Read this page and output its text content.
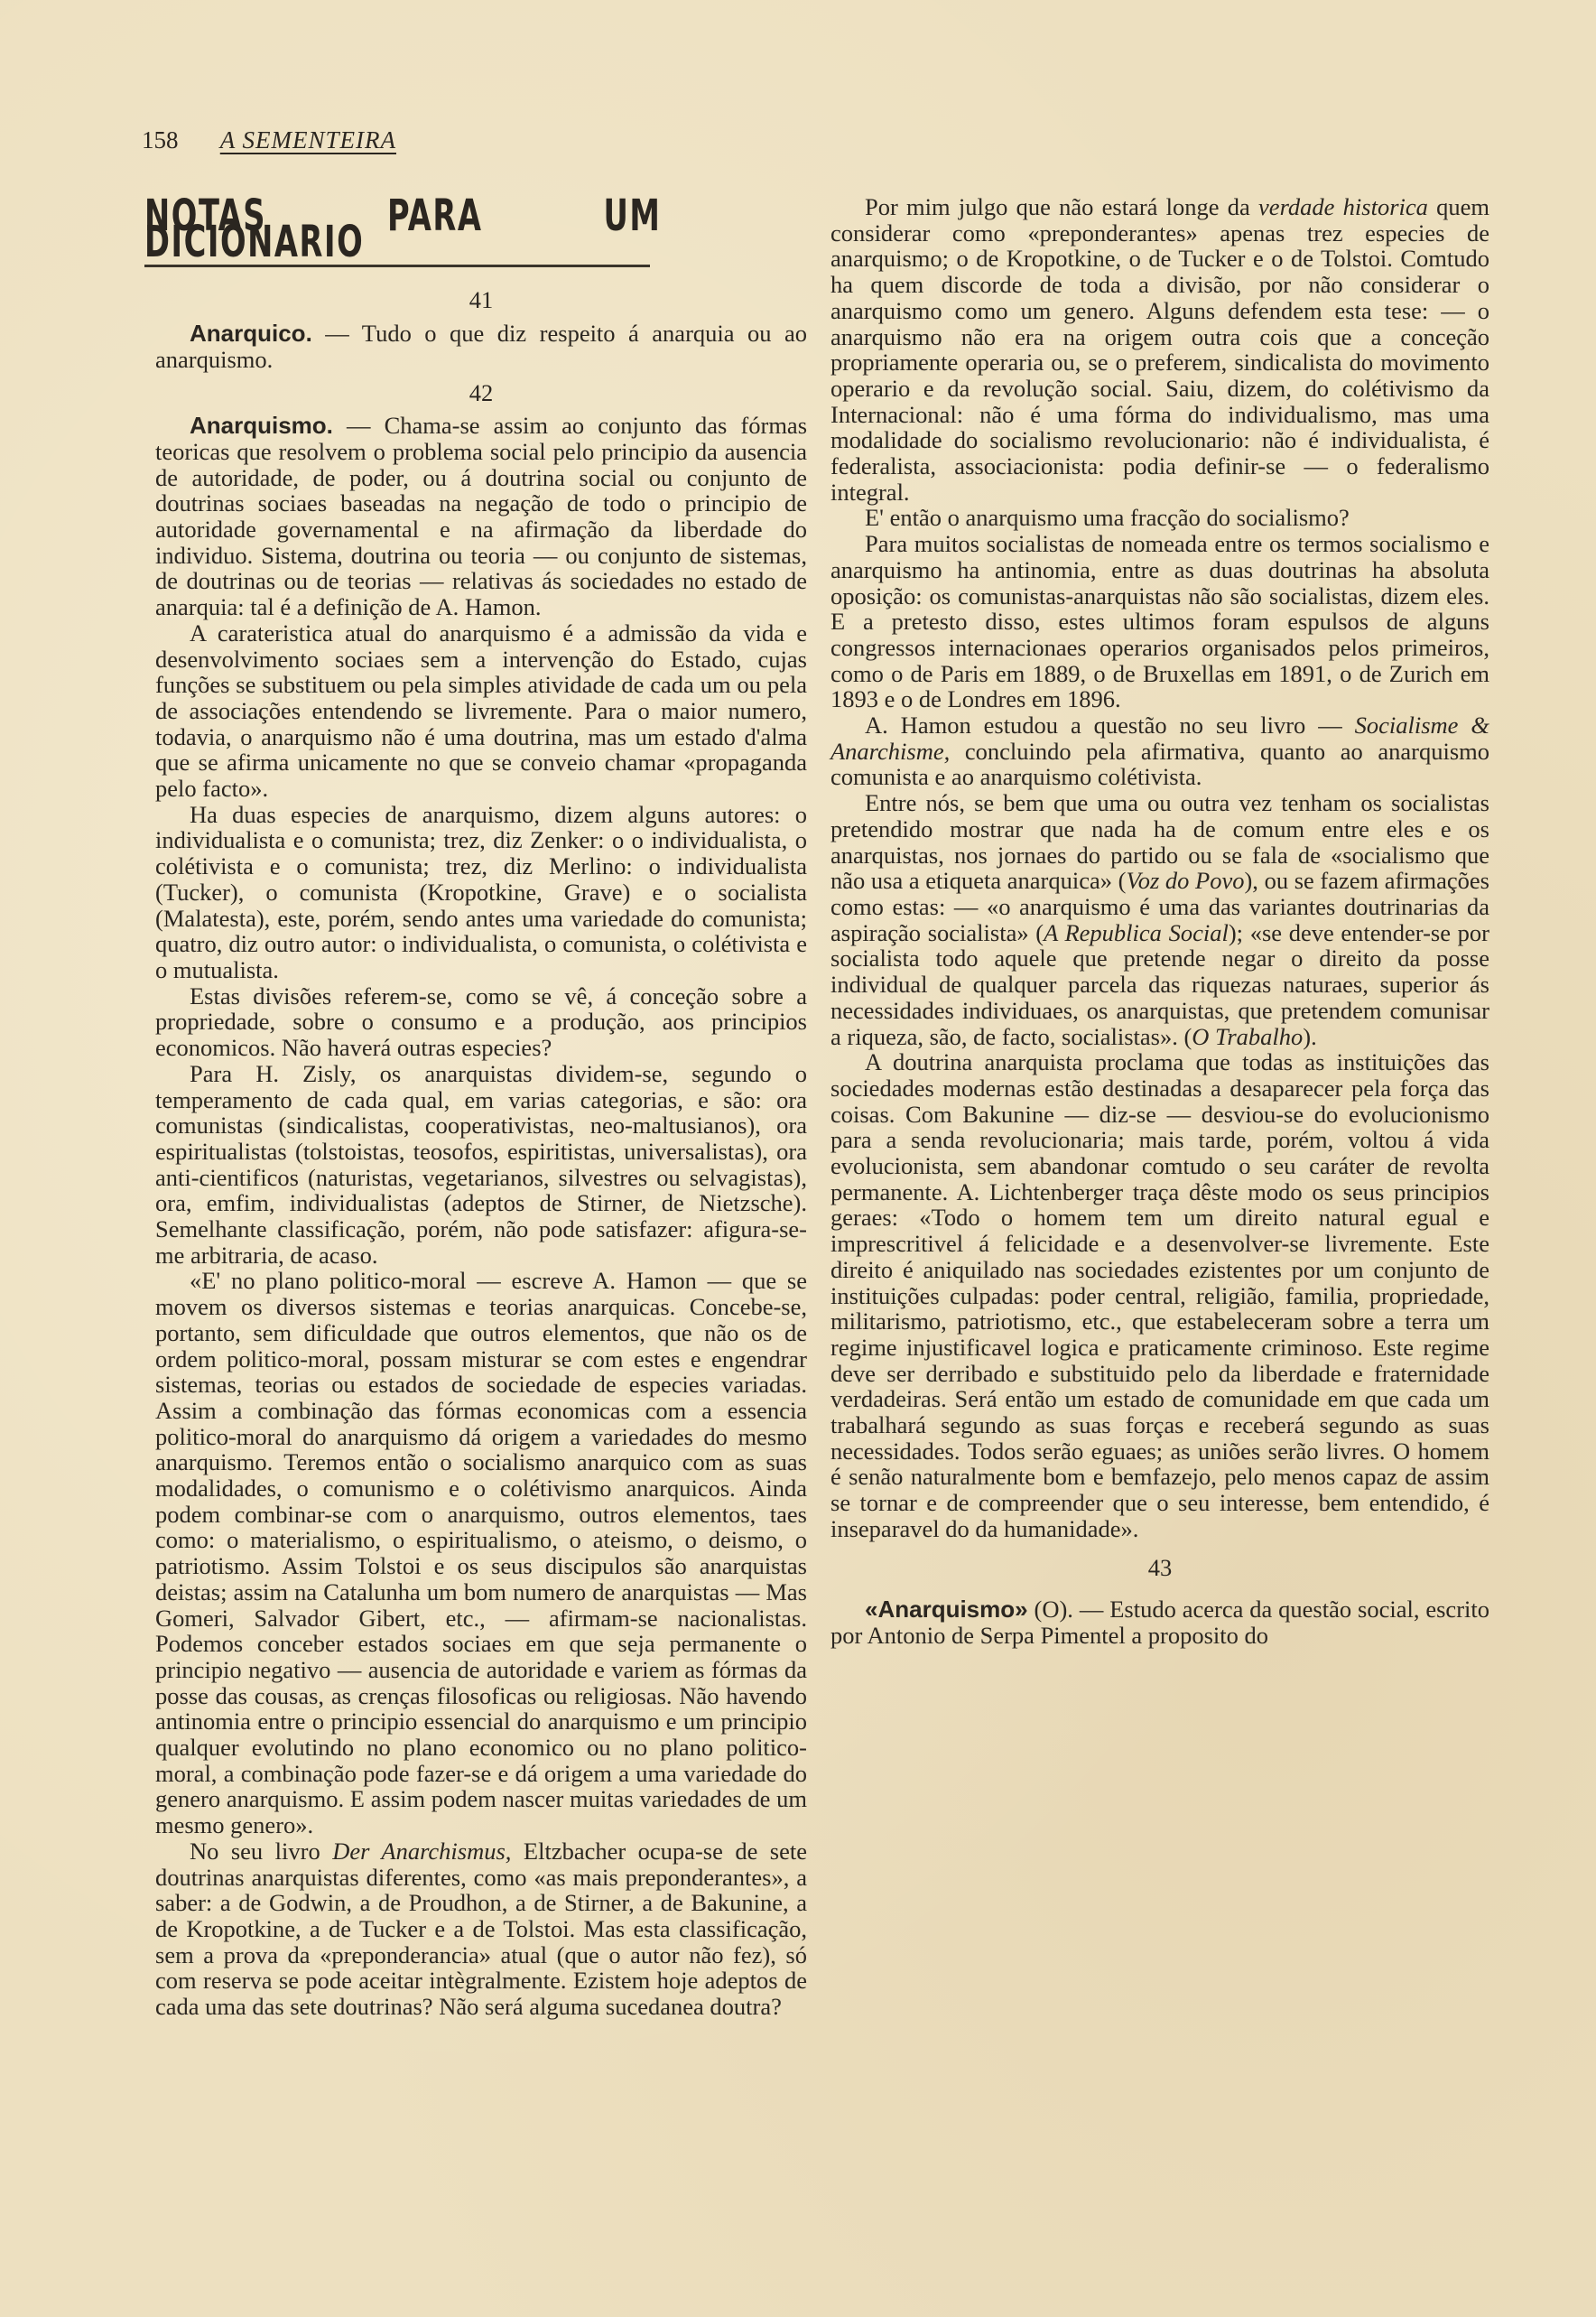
158 A SEMENTEIRA
NOTAS PARA UM DICIONARIO
41

Anarquico. — Tudo o que diz respeito á anarquia ou ao anarquismo.

42

Anarquismo. — Chama-se assim ao conjunto das fórmas teoricas que resolvem o problema social pelo principio da ausencia de autoridade, de poder, ou á doutrina social ou conjunto de doutrinas sociaes baseadas na negação de todo o principio de autoridade governamental e na afirmação da liberdade do individuo. Sistema, doutrina ou teoria — ou conjunto de sistemas, de doutrinas ou de teorias — relativas ás sociedades no estado de anarquia: tal é a definição de A. Hamon.

A carateristica atual do anarquismo é a admissão da vida e desenvolvimento sociaes sem a intervenção do Estado, cujas funções se substituem ou pela simples atividade de cada um ou pela de associações entendendo se livremente. Para o maior numero, todavia, o anarquismo não é uma doutrina, mas um estado d'alma que se afirma unicamente no que se conveio chamar «propaganda pelo facto».

Ha duas especies de anarquismo, dizem alguns autores: o individualista e o comunista; trez, diz Zenker: o o individualista, o colétivista e o comunista; trez, diz Merlino: o individualista (Tucker), o comunista (Kropotkine, Grave) e o socialista (Malatesta), este, porém, sendo antes uma variedade do comunista; quatro, diz outro autor: o individualista, o comunista, o colétivista e o mutualista.

Estas divisões referem-se, como se vê, á conceção sobre a propriedade, sobre o consumo e a produção, aos principios economicos. Não haverá outras especies?

Para H. Zisly, os anarquistas dividem-se, segundo o temperamento de cada qual, em varias categorias, e são: ora comunistas (sindicalistas, cooperativistas, neo-maltusianos), ora espiritualistas (tolstoistas, teosofos, espiritistas, universalistas), ora anti-cientificos (naturistas, vegetarianos, silvestres ou selvagistas), ora, emfim, individualistas (adeptos de Stirner, de Nietzsche). Semelhante classificação, porém, não pode satisfazer: afigura-se-me arbitraria, de acaso.

«E' no plano politico-moral — escreve A. Hamon — que se movem os diversos sistemas e teorias anarquicas. Concebe-se, portanto, sem dificuldade que outros elementos, que não os de ordem politico-moral, possam misturar se com estes e engendrar sistemas, teorias ou estados de sociedade de especies variadas. Assim a combinação das fórmas economicas com a essencia politico-moral do anarquismo dá origem a variedades do mesmo anarquismo. Teremos então o socialismo anarquico com as suas modalidades, o comunismo e o colétivismo anarquicos. Ainda podem combinar-se com o anarquismo, outros elementos, taes como: o materialismo, o espiritualismo, o ateismo, o deismo, o patriotismo. Assim Tolstoi e os seus discipulos são anarquistas deistas; assim na Catalunha um bom numero de anarquistas — Mas Gomeri, Salvador Gibert, etc., — afirmam-se nacionalistas. Podemos conceber estados sociaes em que seja permanente o principio negativo — ausencia de autoridade e variem as fórmas da posse das cousas, as crenças filosoficas ou religiosas. Não havendo antinomia entre o principio essencial do anarquismo e um principio qualquer evolutindo no plano economico ou no plano politico-moral, a combinação pode fazer-se e dá origem a uma variedade do genero anarquismo. E assim podem nascer muitas variedades de um mesmo genero».

No seu livro Der Anarchismus, Eltzbacher ocupa-se de sete doutrinas anarquistas diferentes, como «as mais preponderantes», a saber: a de Godwin, a de Proudhon, a de Stirner, a de Bakunine, a de Kropotkine, a de Tucker e a de Tolstoi. Mas esta classificação, sem a prova da «preponderancia» atual (que o autor não fez), só com reserva se pode aceitar intègralmente. Ezistem hoje adeptos de cada uma das sete doutrinas? Não será alguma sucedanea doutra?

Por mim julgo que não estará longe da verdade historica quem considerar como «preponderantes» apenas trez especies de anarquismo; o de Kropotkine, o de Tucker e o de Tolstoi. Comtudo ha quem discorde de toda a divisão, por não considerar o anarquismo como um genero. Alguns defendem esta tese: — o anarquismo não era na origem outra cois que a conceção propriamente operaria ou, se o preferem, sindicalista do movimento operario e da revolução social. Saiu, dizem, do colétivismo da Internacional: não é uma fórma do individualismo, mas uma modalidade do socialismo revolucionario: não é individualista, é federalista, associacionista: podia definir-se — o federalismo integral.

E' então o anarquismo uma fracção do socialismo?

Para muitos socialistas de nomeada entre os termos socialismo e anarquismo ha antinomia, entre as duas doutrinas ha absoluta oposição: os comunistas-anarquistas não são socialistas, dizem eles. E a pretesto disso, estes ultimos foram espulsos de alguns congressos internacionaes operarios organisados pelos primeiros, como o de Paris em 1889, o de Bruxellas em 1891, o de Zurich em 1893 e o de Londres em 1896.

A. Hamon estudou a questão no seu livro — Socialisme & Anarchisme, concluindo pela afirmativa, quanto ao anarquismo comunista e ao anarquismo colétivista.

Entre nós, se bem que uma ou outra vez tenham os socialistas pretendido mostrar que nada ha de comum entre eles e os anarquistas, nos jornaes do partido ou se fala de «socialismo que não usa a etiqueta anarquica» (Voz do Povo), ou se fazem afirmações como estas: — «o anarquismo é uma das variantes doutrinarias da aspiração socialista» (A Republica Social); «se deve entender-se por socialista todo aquele que pretende negar o direito da posse individual de qualquer parcela das riquezas naturaes, superior ás necessidades individuaes, os anarquistas, que pretendem comunisar a riqueza, são, de facto, socialistas». (O Trabalho).

A doutrina anarquista proclama que todas as instituições das sociedades modernas estão destinadas a desaparecer pela força das coisas. Com Bakunine — diz-se — desviou-se do evolucionismo para a senda revolucionaria; mais tarde, porém, voltou á vida evolucionista, sem abandonar comtudo o seu caráter de revolta permanente. A. Lichtenberger traça dêste modo os seus principios geraes: «Todo o homem tem um direito natural egual e imprescritivel á felicidade e a desenvolver-se livremente. Este direito é aniquilado nas sociedades ezistentes por um conjunto de instituições culpadas: poder central, religião, familia, propriedade, militarismo, patriotismo, etc., que estabeleceram sobre a terra um regime injustificavel logica e praticamente criminoso. Este regime deve ser derribado e substituido pelo da liberdade e fraternidade verdadeiras. Será então um estado de comunidade em que cada um trabalhará segundo as suas forças e receberá segundo as suas necessidades. Todos serão eguaes; as uniões serão livres. O homem é senão naturalmente bom e bemfazejo, pelo menos capaz de assim se tornar e de compreender que o seu interesse, bem entendido, é inseparavel do da humanidade».

43

«Anarquismo» (O). — Estudo acerca da questão social, escrito por Antonio de Serpa Pimentel a proposito do
